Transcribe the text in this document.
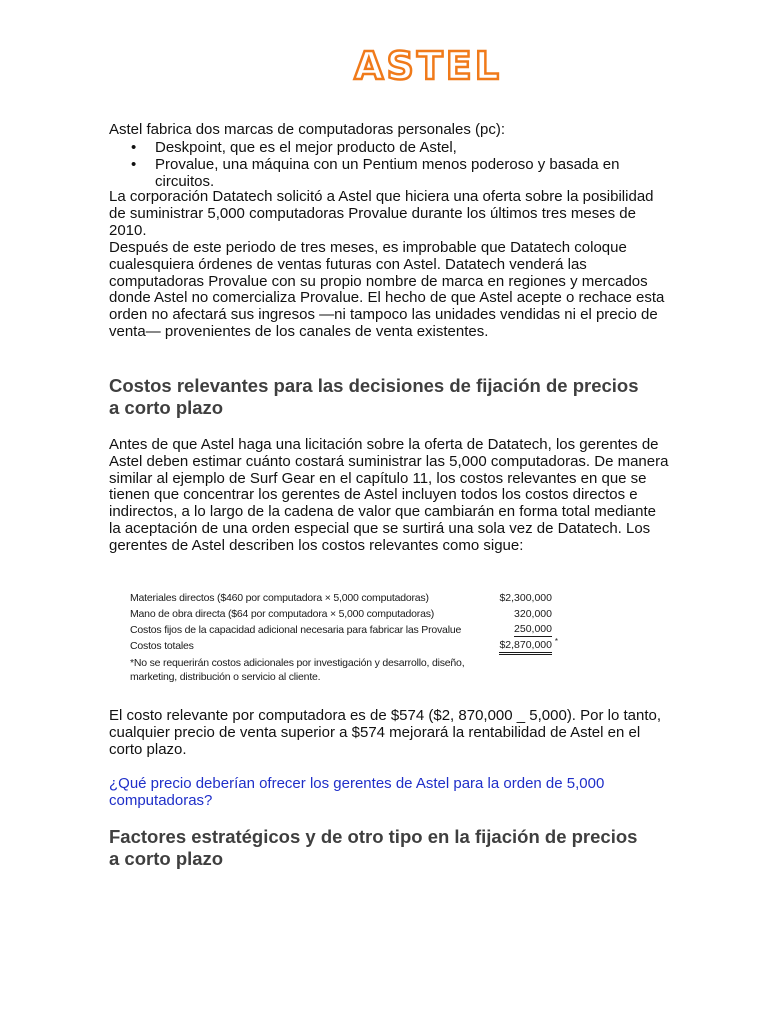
ASTEL

Astel fabrica dos marcas de computadoras personales (pc):

• Deskpoint, que es el mejor producto de Astel,
• Provalue, una máquina con un Pentium menos poderoso y basada en circuitos.

La corporación Datatech solicitó a Astel que hiciera una oferta sobre la posibilidad de suministrar 5,000 computadoras Provalue durante los últimos tres meses de 2010.

Después de este periodo de tres meses, es improbable que Datatech coloque cualesquiera órdenes de ventas futuras con Astel. Datatech venderá las computadoras Provalue con su propio nombre de marca en regiones y mercados donde Astel no comercializa Provalue. El hecho de que Astel acepte o rechace esta orden no afectará sus ingresos —ni tampoco las unidades vendidas ni el precio de venta— provenientes de los canales de venta existentes.

Costos relevantes para las decisiones de fijación de precios a corto plazo

Antes de que Astel haga una licitación sobre la oferta de Datatech, los gerentes de Astel deben estimar cuánto costará suministrar las 5,000 computadoras. De manera similar al ejemplo de Surf Gear en el capítulo 11, los costos relevantes en que se tienen que concentrar los gerentes de Astel incluyen todos los costos directos e indirectos, a lo largo de la cadena de valor que cambiarán en forma total mediante la aceptación de una orden especial que se surtirá una sola vez de Datatech. Los gerentes de Astel describen los costos relevantes como sigue:

Materiales directos ($460 por computadora × 5,000 computadoras)	$2,300,000
Mano de obra directa ($64 por computadora × 5,000 computadoras)	320,000
Costos fijos de la capacidad adicional necesaria para fabricar las Provalue	250,000
Costos totales	$2,870,000 *
*No se requerirán costos adicionales por investigación y desarrollo, diseño, marketing, distribución o servicio al cliente.

El costo relevante por computadora es de $574 ($2, 870,000 _ 5,000). Por lo tanto, cualquier precio de venta superior a $574 mejorará la rentabilidad de Astel en el corto plazo.

¿Qué precio deberían ofrecer los gerentes de Astel para la orden de 5,000 computadoras?

Factores estratégicos y de otro tipo en la fijación de precios a corto plazo
